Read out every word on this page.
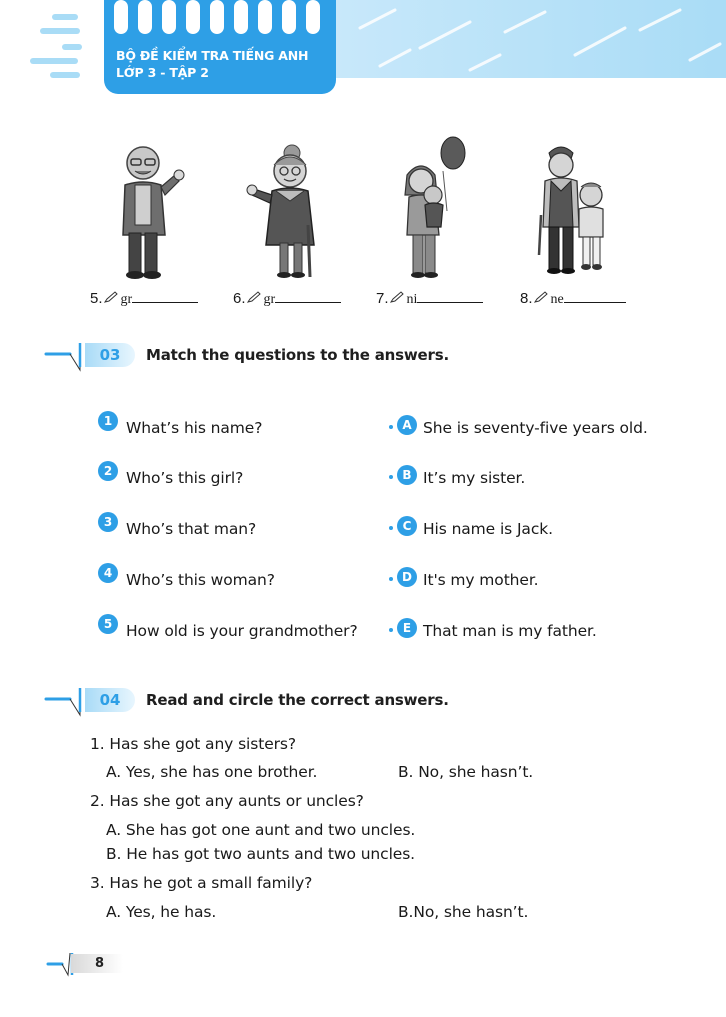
BỘ ĐỀ KIỂM TRA TIẾNG ANH
LỚP 3 - TẬP 2
5. gr	6. gr	7. ni	8. ne
03	Match the questions to the answers.
1 What’s his name?	A She is seventy-five years old.
2 Who’s this girl?	B It’s my sister.
3 Who’s that man?	C His name is Jack.
4 Who’s this woman?	D It's my mother.
5 How old is your grandmother?	E That man is my father.
04	Read and circle the correct answers.
1. Has she got any sisters?
A. Yes, she has one brother.	B. No, she hasn’t.
2. Has she got any aunts or uncles?
A. She has got one aunt and two uncles.
B. He has got two aunts and two uncles.
3. Has he got a small family?
A. Yes, he has.	B.No, she hasn’t.
8
